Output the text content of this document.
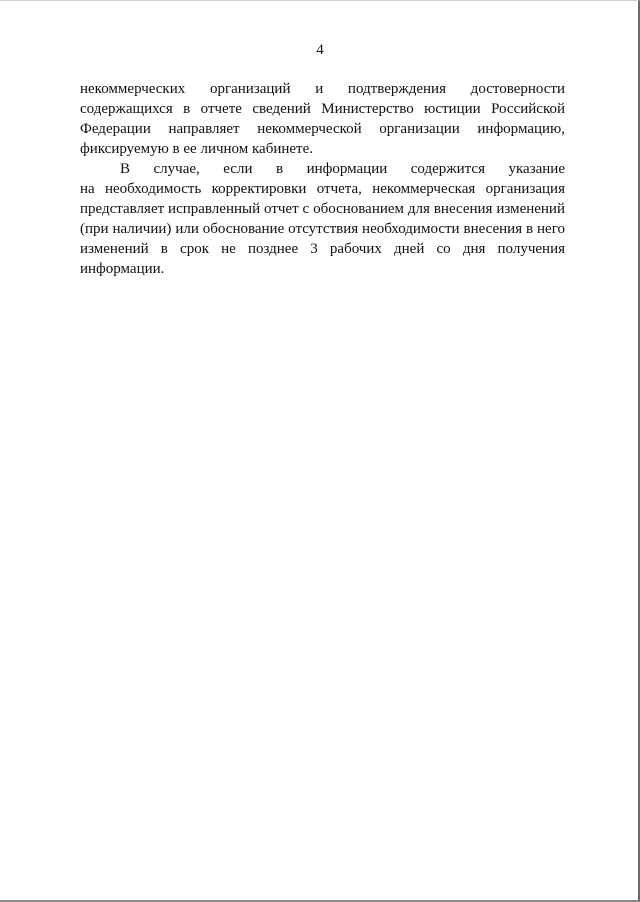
4
некоммерческих организаций и подтверждения достоверности
содержащихся в отчете сведений Министерство юстиции Российской
Федерации направляет некоммерческой организации информацию,
фиксируемую в ее личном кабинете.
В случае, если в информации содержится указание
на необходимость корректировки отчета, некоммерческая организация
представляет исправленный отчет с обоснованием для внесения изменений
(при наличии) или обоснование отсутствия необходимости внесения в него
изменений в срок не позднее 3 рабочих дней со дня получения
информации.
